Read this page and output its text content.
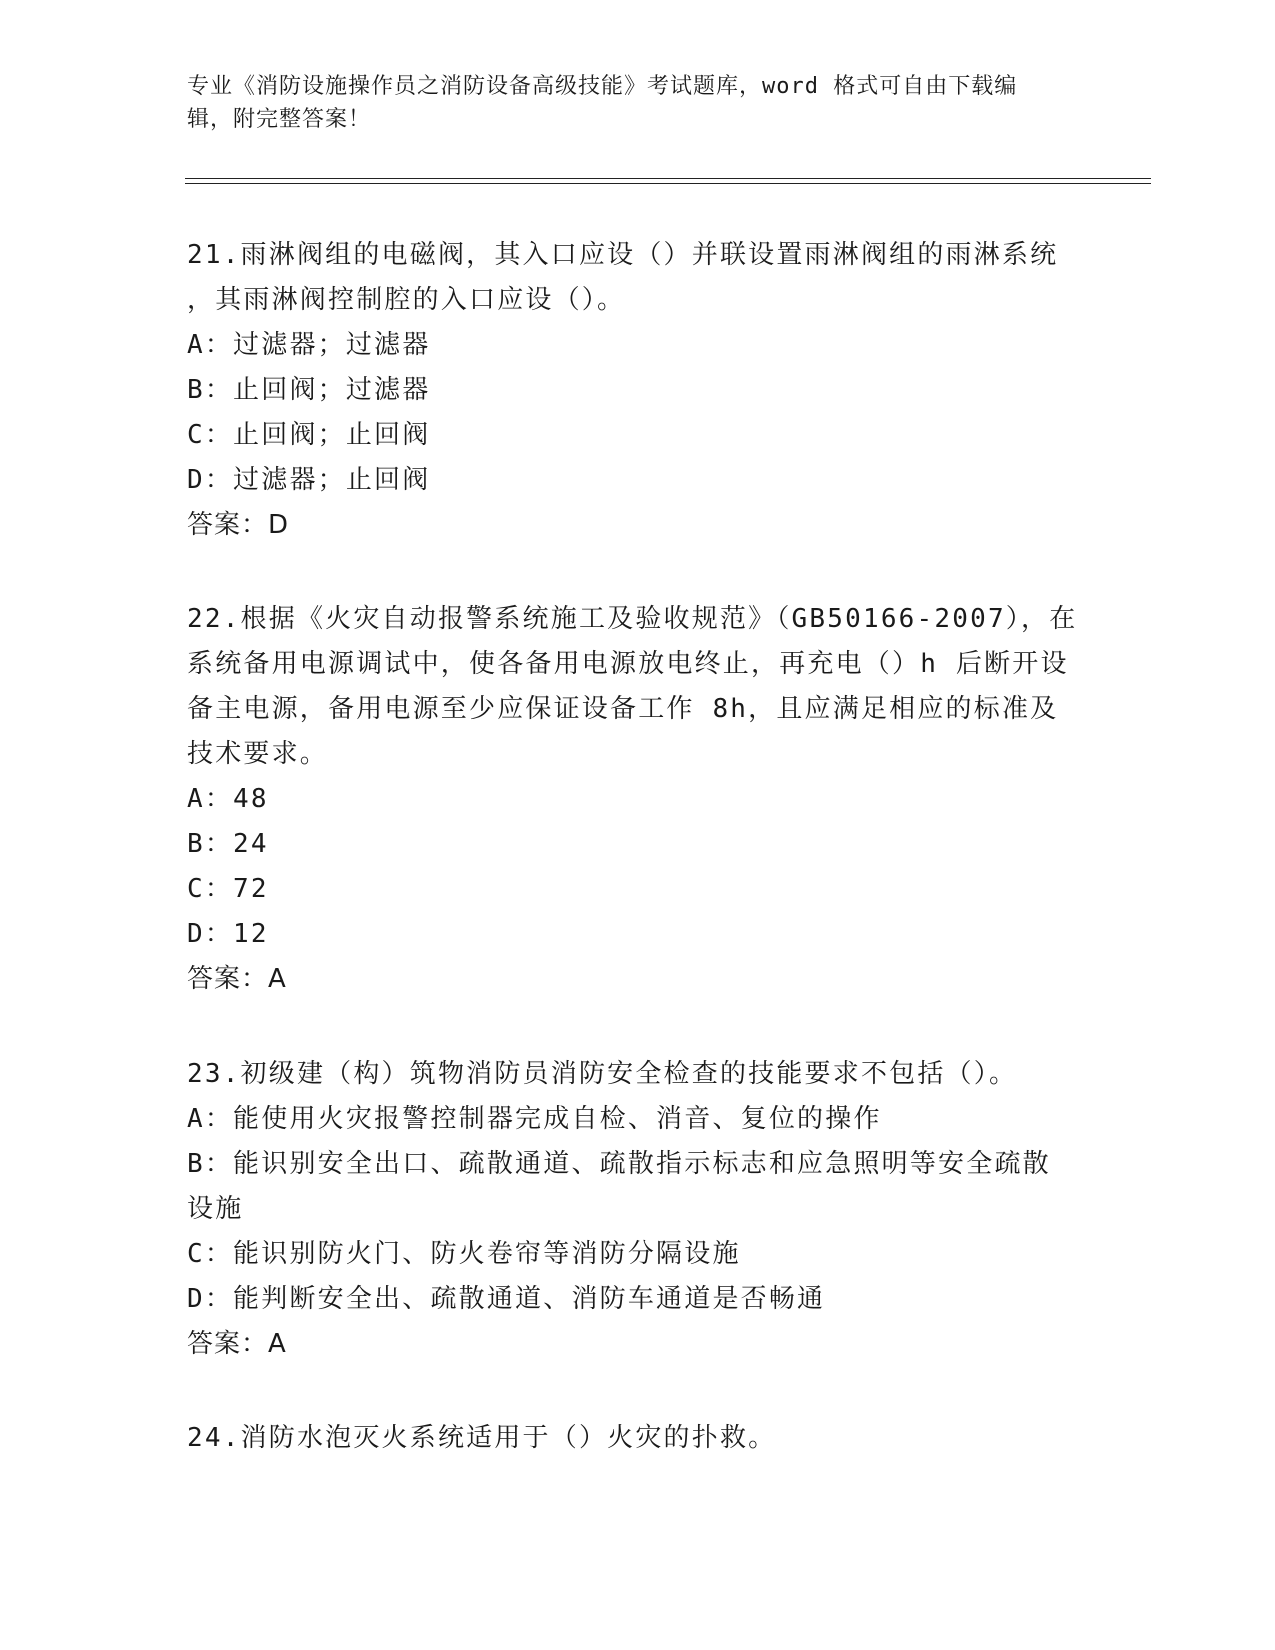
专业《消防设施操作员之消防设备高级技能》考试题库，word 格式可自由下载编
辑，附完整答案！
21.雨淋阀组的电磁阀，其入口应设（）并联设置雨淋阀组的雨淋系统
，其雨淋阀控制腔的入口应设（）。
A：过滤器；过滤器
B：止回阀；过滤器
C：止回阀；止回阀
D：过滤器；止回阀
答案：D
22.根据《火灾自动报警系统施工及验收规范》（GB50166-2007），在
系统备用电源调试中，使各备用电源放电终止，再充电（）h 后断开设
备主电源，备用电源至少应保证设备工作 8h，且应满足相应的标准及
技术要求。
A：48
B：24
C：72
D：12
答案：A
23.初级建（构）筑物消防员消防安全检查的技能要求不包括（）。
A：能使用火灾报警控制器完成自检、消音、复位的操作
B：能识别安全出口、疏散通道、疏散指示标志和应急照明等安全疏散
设施
C：能识别防火门、防火卷帘等消防分隔设施
D：能判断安全出、疏散通道、消防车通道是否畅通
答案：A
24.消防水泡灭火系统适用于（）火灾的扑救。
